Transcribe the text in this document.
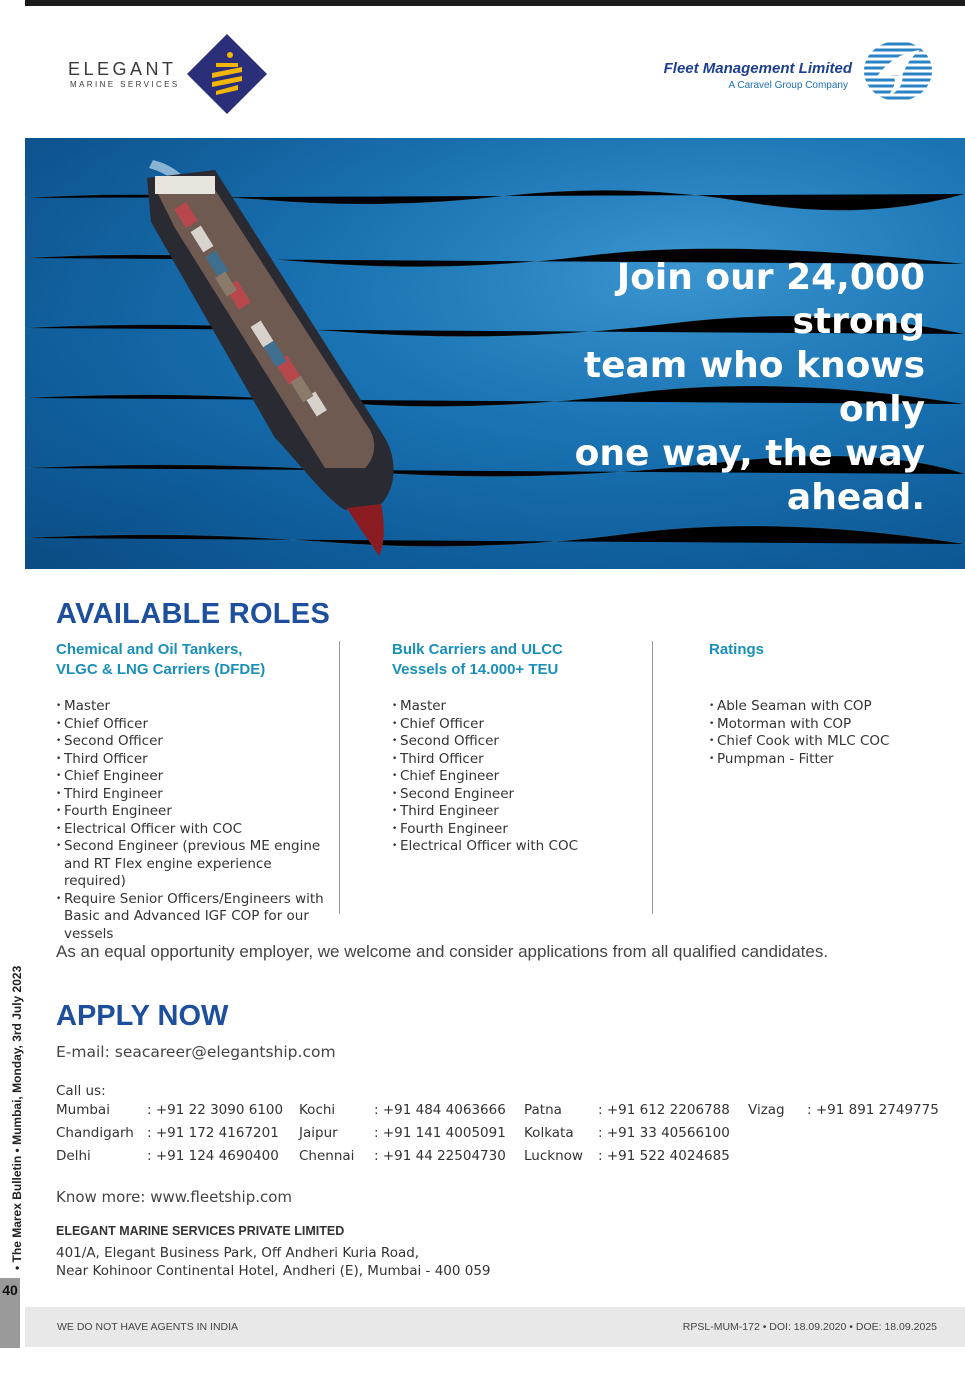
• The Marex Bulletin • Mumbai, Monday, 3rd July 2023
40
ELEGANT
MARINE SERVICES
Fleet Management Limited
A Caravel Group Company
Join our 24,000 strong
team who knows only
one way, the way
ahead.
AVAILABLE ROLES
Chemical and Oil Tankers,
VLGC & LNG Carriers (DFDE)
• Master
• Chief Officer
• Second Officer
• Third Officer
• Chief Engineer
• Third Engineer
• Fourth Engineer
• Electrical Officer with COC
• Second Engineer (previous ME engine and RT Flex engine experience required)
• Require Senior Officers/Engineers with Basic and Advanced IGF COP for our vessels
Bulk Carriers and ULCC
Vessels of 14.000+ TEU
• Master
• Chief Officer
• Second Officer
• Third Officer
• Chief Engineer
• Second Engineer
• Third Engineer
• Fourth Engineer
• Electrical Officer with COC
Ratings
• Able Seaman with COP
• Motorman with COP
• Chief Cook with MLC COC
• Pumpman - Fitter
As an equal opportunity employer, we welcome and consider applications from all qualified candidates.
APPLY NOW
E-mail: seacareer@elegantship.com
Call us:
Mumbai	: +91 22 3090 6100 Kochi	: +91 484 4063666 Patna	: +91 612 2206788 Vizag : +91 891 2749775
Chandigarh : +91 172 4167201 Jaipur	: +91 141 4005091 Kolkata : +91 33 40566100
Delhi	: +91 124 4690400 Chennai : +91 44 22504730 Lucknow : +91 522 4024685
Know more: www.fleetship.com
ELEGANT MARINE SERVICES PRIVATE LIMITED
401/A, Elegant Business Park, Off Andheri Kuria Road,
Near Kohinoor Continental Hotel, Andheri (E), Mumbai - 400 059
WE DO NOT HAVE AGENTS IN INDIA	RPSL-MUM-172 • DOI: 18.09.2020 • DOE: 18.09.2025
